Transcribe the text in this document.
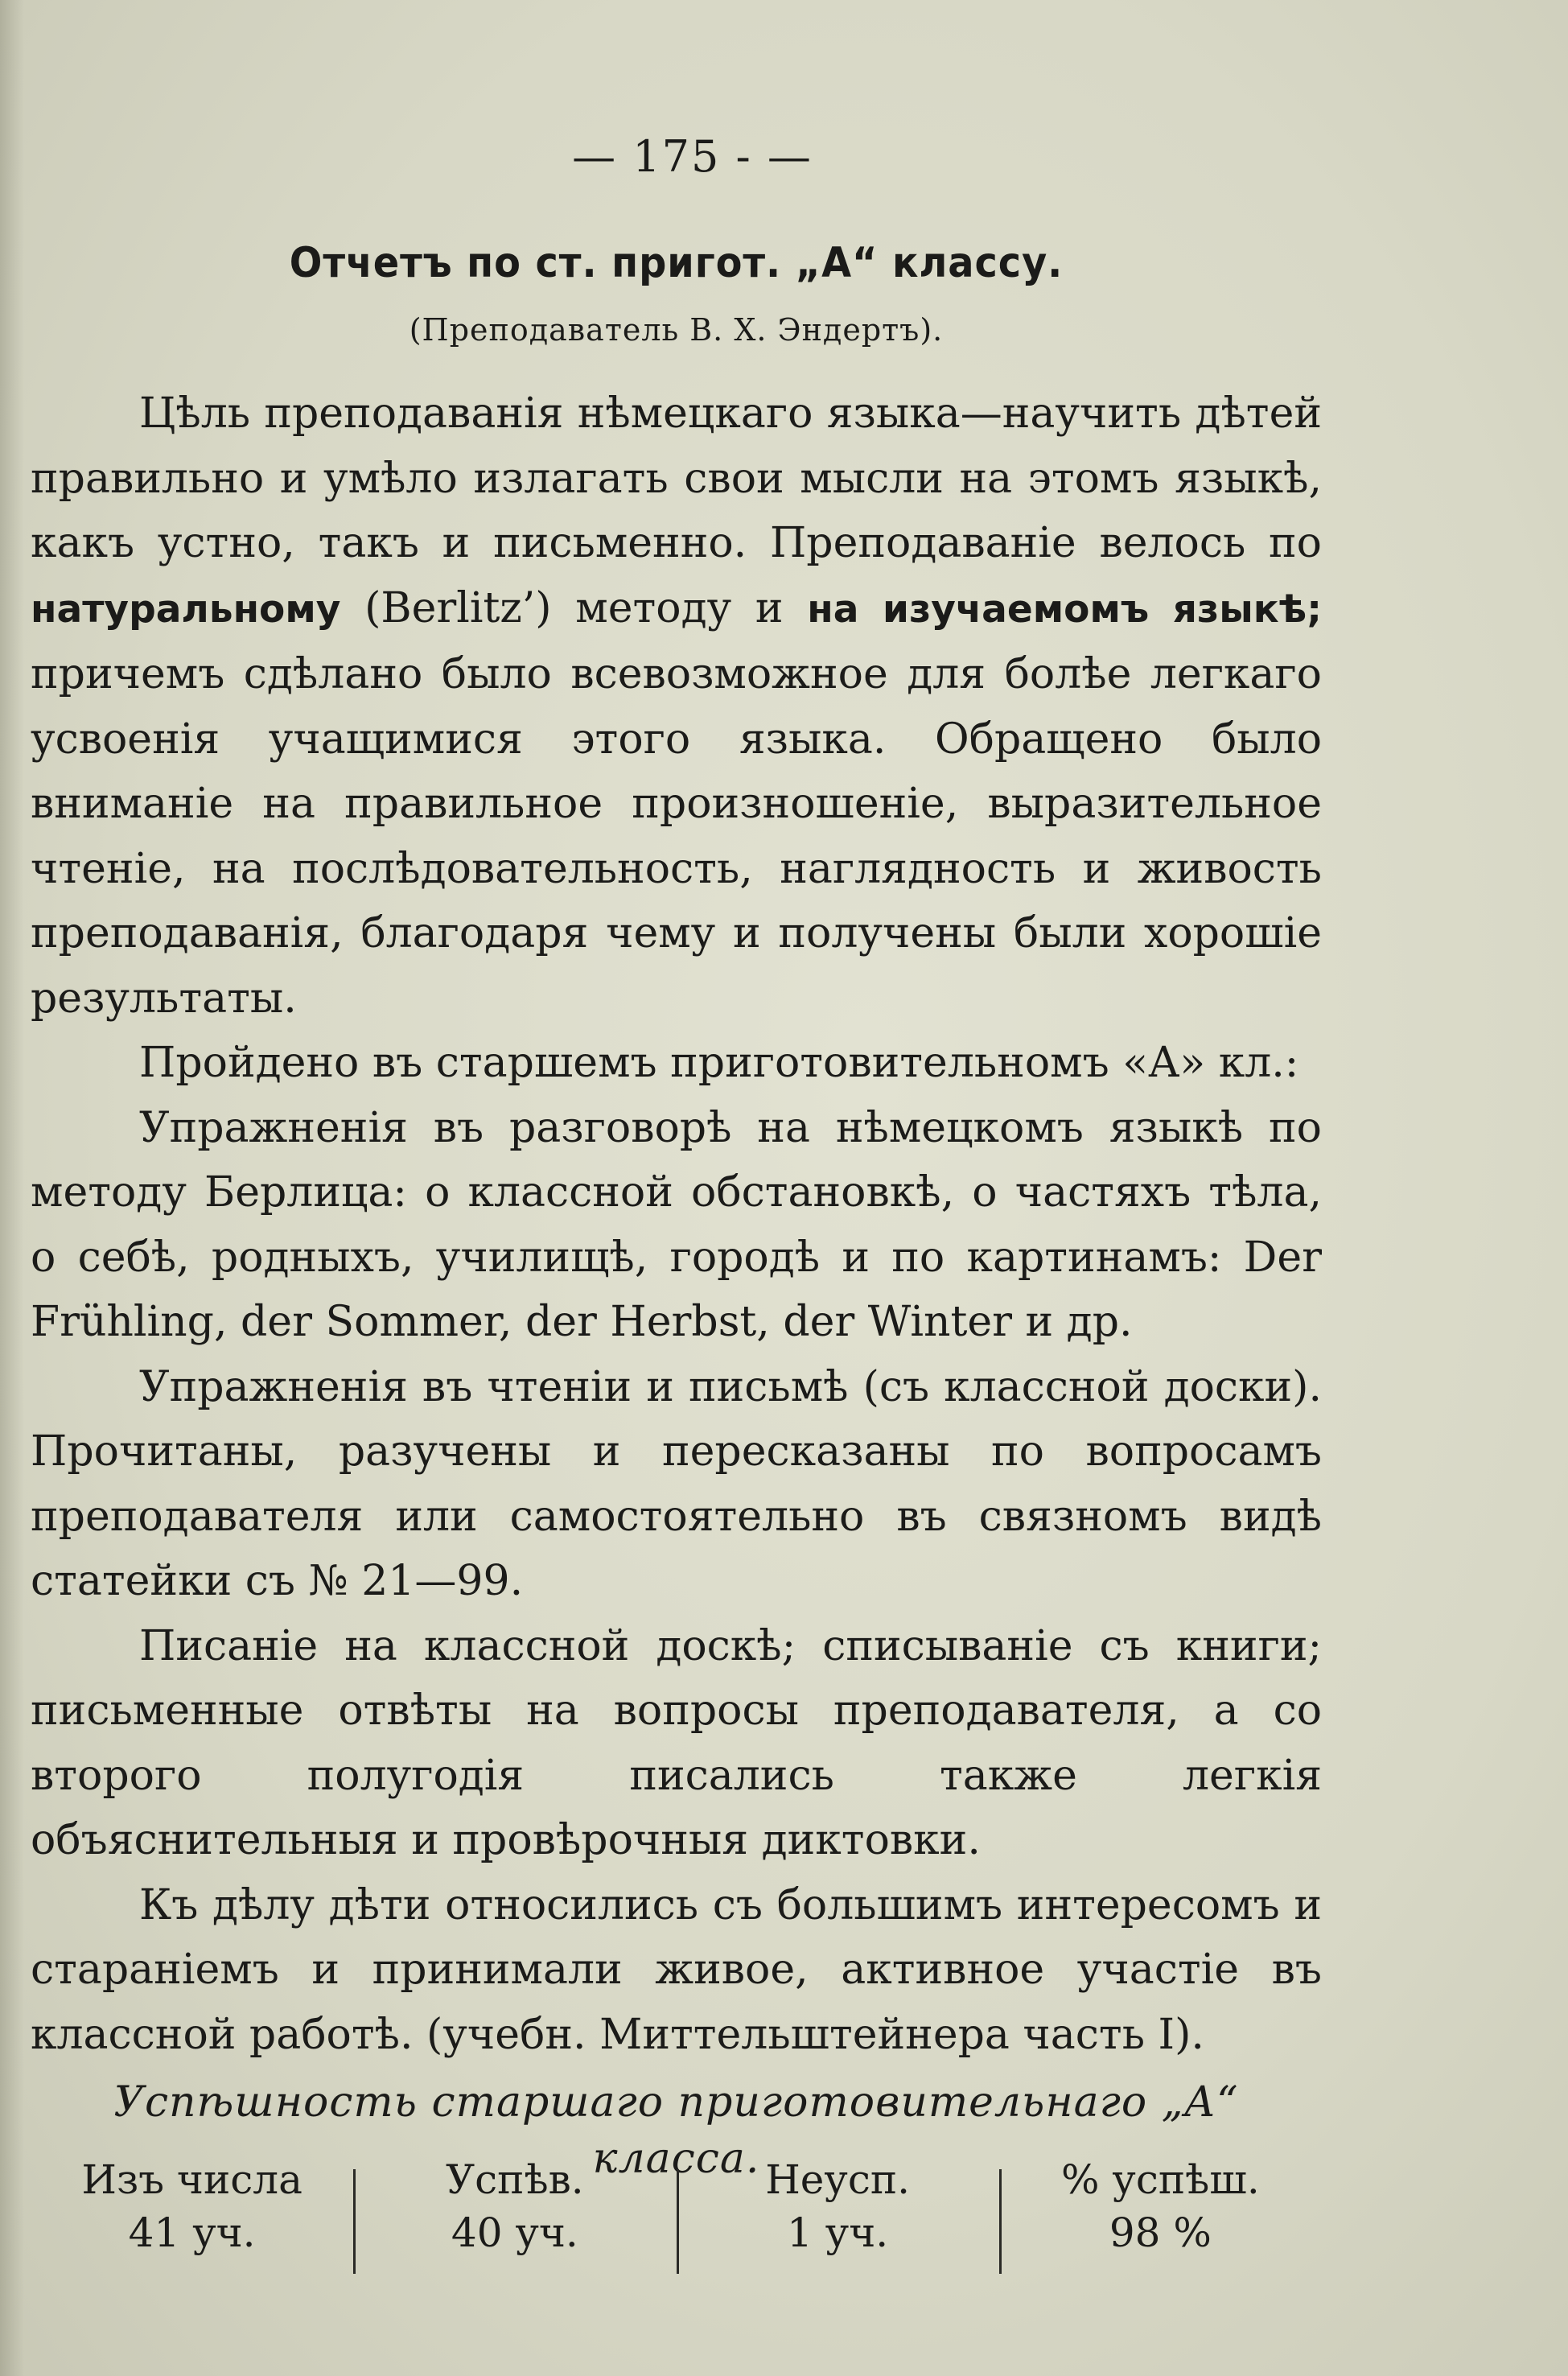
— 175 - —
Отчетъ по ст. пригот. „А“ классу.
(Преподаватель В. Х. Эндертъ).

Цѣль преподаванія нѣмецкаго языка—научить дѣтей правильно и умѣло излагать свои мысли на этомъ языкѣ, какъ устно, такъ и письменно. Преподаваніе велось по натуральному (Berlitz’) методу и на изучаемомъ языкѣ; причемъ сдѣлано было всевозможное для болѣе легкаго усвоенія учащимися этого языка. Обращено было вниманіе на правильное произношеніе, выразительное чтеніе, на послѣдовательность, наглядность и живость преподаванія, благодаря чему и получены были хорошіе результаты.

Пройдено въ старшемъ приготовительномъ «А» кл.:

Упражненія въ разговорѣ на нѣмецкомъ языкѣ по методу Берлица: о классной обстановкѣ, о частяхъ тѣла, о себѣ, родныхъ, училищѣ, городѣ и по картинамъ: Der Frühling, der Sommer, der Herbst, der Winter и др.

Упражненія въ чтеніи и письмѣ (съ классной доски). Прочитаны, разучены и пересказаны по вопросамъ преподавателя или самостоятельно въ связномъ видѣ статейки съ № 21—99.

Писаніе на классной доскѣ; списываніе съ книги; письменные отвѣты на вопросы преподавателя, а со второго полугодія писались также легкія объяснительныя и провѣрочныя диктовки.

Къ дѣлу дѣти относились съ большимъ интересомъ и стараніемъ и принимали живое, активное участіе въ классной работѣ. (учебн. Миттельштейнера часть I).

Успѣшность старшаго приготовительнаго „А“ класса.
Изъ числа
41 уч.
Успѣв.
40 уч.
Неусп.
1 уч.
% успѣш.
98 %
